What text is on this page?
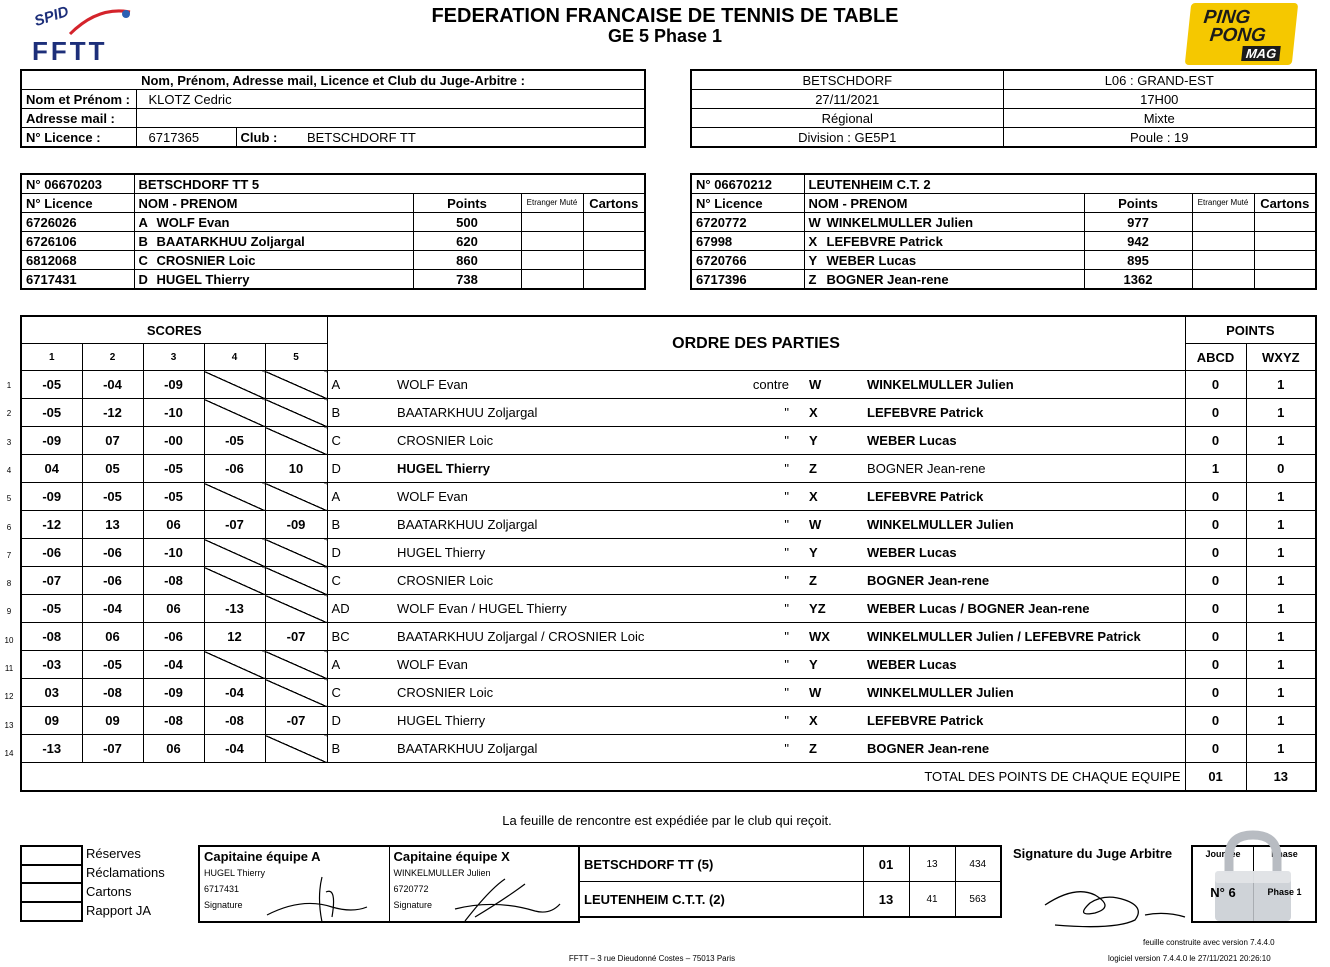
SPID
FFTT
FEDERATION FRANCAISE DE TENNIS DE TABLE
GE 5 Phase 1
PING
PONG
MAG
Nom, Prénom, Adresse mail, Licence et Club du Juge-Arbitre :		
Nom et Prénom :	KLOTZ Cedric	
Adresse mail :		
N° Licence :	6717365	Club : BETSCHDORF TT
BETSCHDORF	L06 : GRAND-EST
27/11/2021	17H00
Régional	Mixte
Division : GE5P1	Poule : 19
N° 06670203	BETSCHDORF TT 5			
N° Licence	NOM - PRENOM	Points	Etranger Muté	Cartons
6726026	A WOLF Evan	500		
6726106	B BAATARKHUU Zoljargal	620		
6812068	C CROSNIER Loic	860		
6717431	D HUGEL Thierry	738		
N° 06670212	LEUTENHEIM C.T. 2			
N° Licence	NOM - PRENOM	Points	Etranger Muté	Cartons
6720772	W WINKELMULLER Julien	977		
67998	X LEFEBVRE Patrick	942		
6720766	Y WEBER Lucas	895		
6717396	Z BOGNER Jean-rene	1362		
1
2
3
4
5
6
7
8
9
10
11
12
13
14
SCORES					ORDRE DES PARTIES					POINTS	
1	2	3	4	5						ABCD	WXYZ
-05	-04	-09			A	WOLF Evan	contre	W	WINKELMULLER Julien	0	1
-05	-12	-10			B	BAATARKHUU Zoljargal	"	X	LEFEBVRE Patrick	0	1
-09	07	-00	-05		C	CROSNIER Loic	"	Y	WEBER Lucas	0	1
04	05	-05	-06	10	D	HUGEL Thierry	"	Z	BOGNER Jean-rene	1	0
-09	-05	-05			A	WOLF Evan	"	X	LEFEBVRE Patrick	0	1
-12	13	06	-07	-09	B	BAATARKHUU Zoljargal	"	W	WINKELMULLER Julien	0	1
-06	-06	-10			D	HUGEL Thierry	"	Y	WEBER Lucas	0	1
-07	-06	-08			C	CROSNIER Loic	"	Z	BOGNER Jean-rene	0	1
-05	-04	06	-13		AD	WOLF Evan / HUGEL Thierry	"	YZ	WEBER Lucas / BOGNER Jean-rene	0	1
-08	06	-06	12	-07	BC	BAATARKHUU Zoljargal / CROSNIER Loic	"	WX	WINKELMULLER Julien / LEFEBVRE Patrick	0	1
-03	-05	-04			A	WOLF Evan	"	Y	WEBER Lucas	0	1
03	-08	-09	-04		C	CROSNIER Loic	"	W	WINKELMULLER Julien	0	1
09	09	-08	-08	-07	D	HUGEL Thierry	"	X	LEFEBVRE Patrick	0	1
-13	-07	06	-04		B	BAATARKHUU Zoljargal	"	Z	BOGNER Jean-rene	0	1
TOTAL DES POINTS DE CHAQUE EQUIPE										01	13
La feuille de rencontre est expédiée par le club qui reçoit.
Réserves
Réclamations
Cartons
Rapport JA
Capitaine équipe A
HUGEL Thierry
6717431
Signature

Capitaine équipe X
WINKELMULLER Julien
6720772
Signature
BETSCHDORF TT (5)	01	13	434
LEUTENHEIM C.T.T. (2)	13	41	563
Signature du Juge Arbitre	Journée	Phase
N° 6	Phase 1
feuille construite avec version 7.4.4.0
FFTT – 3 rue Dieudonné Costes – 75013 Paris	logiciel version 7.4.4.0 le 27/11/2021 20:26:10
